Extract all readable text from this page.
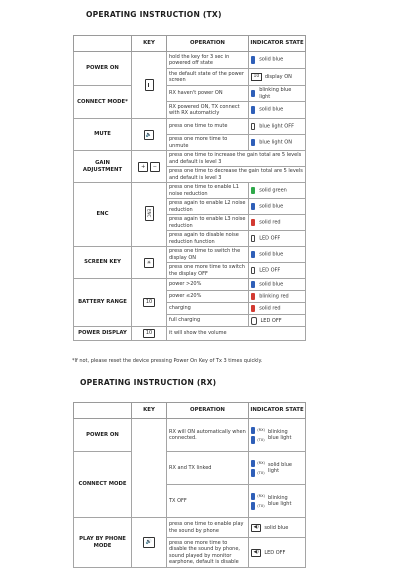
OPERATING INSTRUCTION (TX)
	KEY	OPERATION	INDICATOR STATE
POWER ON		hold the key for 3 sec in powered off state	solid blue
		the default state of the power screen	10 display ON
CONNECT MODE*		RX haven't power ON	blinking blue light
		RX powered ON, TX connect with RX automaticly	solid blue
MUTE	🔈	press one time to mute	blue light OFF
		press one more time to unmute	blue light ON
GAIN ADJUSTMENT	+ −	press one time to increase the gain total are 5 levels and default is level 3	
		press one time to decrease the gain total are 5 levels and default is level 3	
ENC	ENC	press one time to enable L1 noise reduction	solid green
		press again to enable L2 noise reduction	solid blue
		press again to enable L3 noise reduction	solid red
		press again to disable noise reduction function	LED OFF
SCREEN KEY	☀	press one time to switch the display ON	solid blue
		press one more time to switch the display OFF	LED OFF
BATTERY RANGE	10	power >20%	solid blue
		power ≤20%	blinking red
		charging	solid red
		full charging	LED OFF
POWER DISPLAY	10	it will show the volume	
*If not, please reset the device pressing Power On Key of Tx 3 times quickly.
OPERATING INSTRUCTION (RX)
	KEY	OPERATION	INDICATOR STATE
POWER ON		RX will ON automatically when connected.	(RX)
(TX)
blinking blue light

CONNECT MODE		RX and TX linked	(RX)
(TX)
solid blue light

		TX OFF	(RX)
(TX)
blinking blue light

PLAY BY PHONE MODE	🔊	press one time to enable play the sound by phone	◀) solid blue
		press one more time to disable the sound by phone, sound played by monitor earphone, default is disable	◀) LED OFF
